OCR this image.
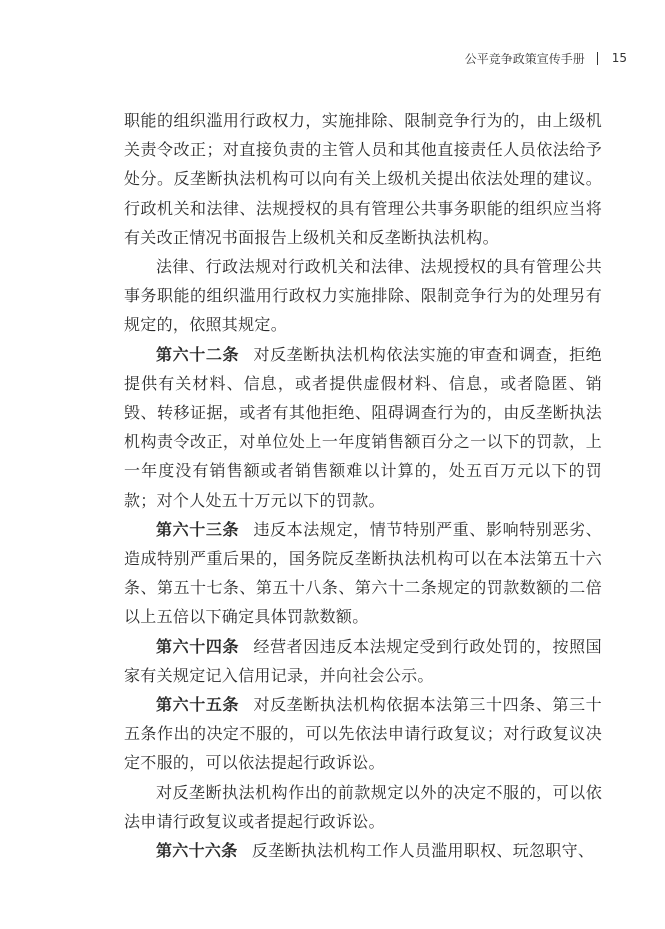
公平竞争政策宣传手册 15

职能的组织滥用行政权力，实施排除、限制竞争行为的，由上级机关责令改正；对直接负责的主管人员和其他直接责任人员依法给予处分。反垄断执法机构可以向有关上级机关提出依法处理的建议。行政机关和法律、法规授权的具有管理公共事务职能的组织应当将有关改正情况书面报告上级机关和反垄断执法机构。

法律、行政法规对行政机关和法律、法规授权的具有管理公共事务职能的组织滥用行政权力实施排除、限制竞争行为的处理另有规定的，依照其规定。

第六十二条 对反垄断执法机构依法实施的审查和调查，拒绝提供有关材料、信息，或者提供虚假材料、信息，或者隐匿、销毁、转移证据，或者有其他拒绝、阻碍调查行为的，由反垄断执法机构责令改正，对单位处上一年度销售额百分之一以下的罚款，上一年度没有销售额或者销售额难以计算的，处五百万元以下的罚款；对个人处五十万元以下的罚款。

第六十三条 违反本法规定，情节特别严重、影响特别恶劣、造成特别严重后果的，国务院反垄断执法机构可以在本法第五十六条、第五十七条、第五十八条、第六十二条规定的罚款数额的二倍以上五倍以下确定具体罚款数额。

第六十四条 经营者因违反本法规定受到行政处罚的，按照国家有关规定记入信用记录，并向社会公示。

第六十五条 对反垄断执法机构依据本法第三十四条、第三十五条作出的决定不服的，可以先依法申请行政复议；对行政复议决定不服的，可以依法提起行政诉讼。

对反垄断执法机构作出的前款规定以外的决定不服的，可以依法申请行政复议或者提起行政诉讼。

第六十六条 反垄断执法机构工作人员滥用职权、玩忽职守、
